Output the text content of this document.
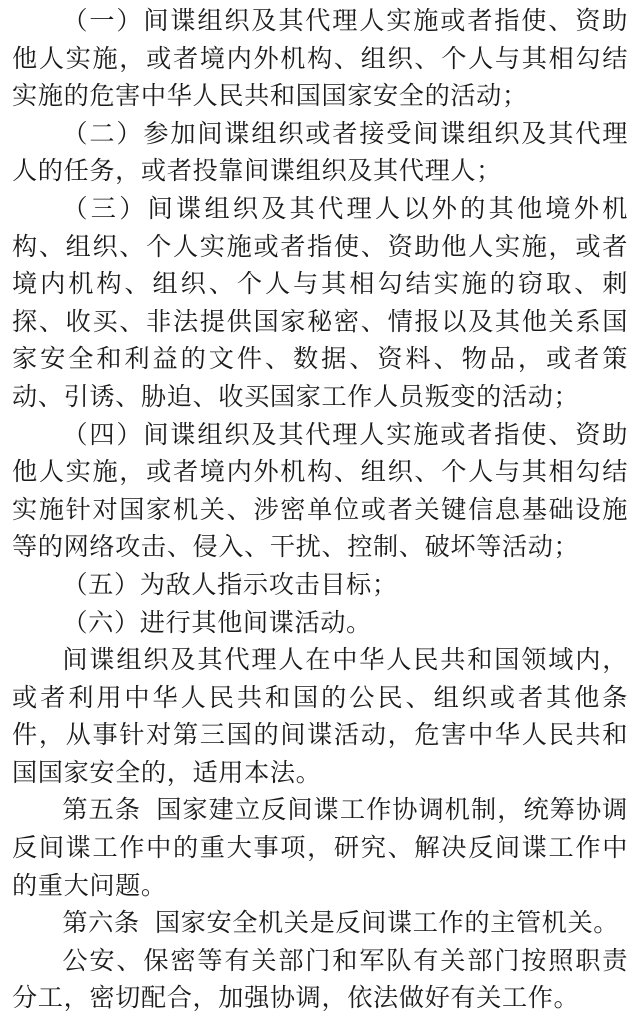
（一）间谍组织及其代理人实施或者指使、资助他人实施，或者境内外机构、组织、个人与其相勾结实施的危害中华人民共和国国家安全的活动；

（二）参加间谍组织或者接受间谍组织及其代理人的任务，或者投靠间谍组织及其代理人；

（三）间谍组织及其代理人以外的其他境外机构、组织、个人实施或者指使、资助他人实施，或者境内机构、组织、个人与其相勾结实施的窃取、刺探、收买、非法提供国家秘密、情报以及其他关系国家安全和利益的文件、数据、资料、物品，或者策动、引诱、胁迫、收买国家工作人员叛变的活动；

（四）间谍组织及其代理人实施或者指使、资助他人实施，或者境内外机构、组织、个人与其相勾结实施针对国家机关、涉密单位或者关键信息基础设施等的网络攻击、侵入、干扰、控制、破坏等活动；

（五）为敌人指示攻击目标；

（六）进行其他间谍活动。

间谍组织及其代理人在中华人民共和国领域内，或者利用中华人民共和国的公民、组织或者其他条件，从事针对第三国的间谍活动，危害中华人民共和国国家安全的，适用本法。

第五条 国家建立反间谍工作协调机制，统筹协调反间谍工作中的重大事项，研究、解决反间谍工作中的重大问题。

第六条 国家安全机关是反间谍工作的主管机关。

公安、保密等有关部门和军队有关部门按照职责分工，密切配合，加强协调，依法做好有关工作。
